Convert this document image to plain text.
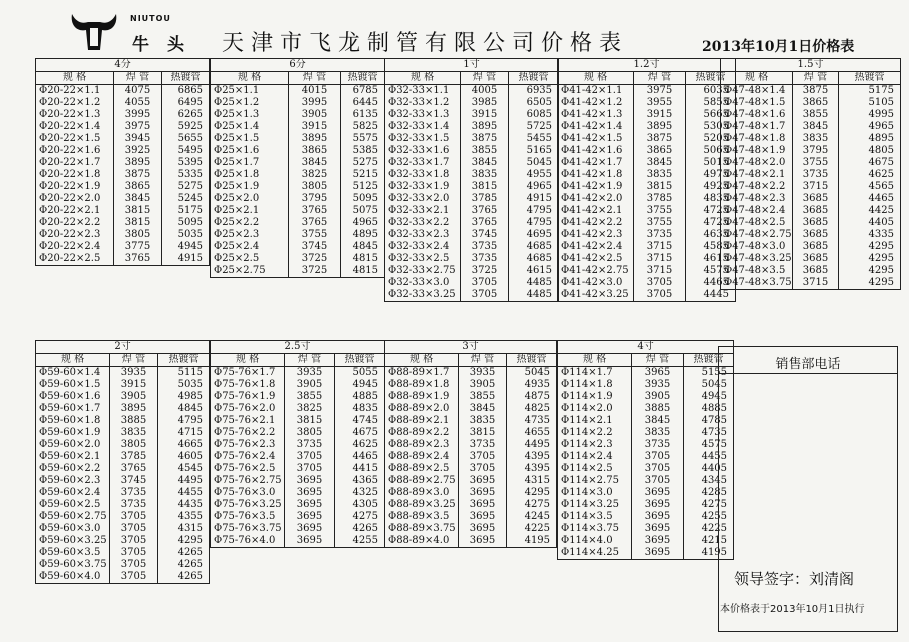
NIUTOU
牛头 天津市飞龙制管有限公司价格表	2013年10月1日价格表
4分		
规 格	焊 管	热镀管
Φ20-22×1.1	4075	6865
Φ20-22×1.2	4055	6495
Φ20-22×1.3	3995	6265
Φ20-22×1.4	3975	5925
Φ20-22×1.5	3945	5655
Φ20-22×1.6	3925	5495
Φ20-22×1.7	3895	5395
Φ20-22×1.8	3875	5335
Φ20-22×1.9	3865	5275
Φ20-22×2.0	3845	5245
Φ20-22×2.1	3815	5175
Φ20-22×2.2	3815	5095
Φ20-22×2.3	3805	5035
Φ20-22×2.4	3775	4945
Φ20-22×2.5	3765	4915
6分		
规 格	焊 管	热镀管
Φ25×1.1	4015	6785
Φ25×1.2	3995	6445
Φ25×1.3	3905	6135
Φ25×1.4	3915	5825
Φ25×1.5	3895	5575
Φ25×1.6	3865	5385
Φ25×1.7	3845	5275
Φ25×1.8	3825	5215
Φ25×1.9	3805	5125
Φ25×2.0	3795	5095
Φ25×2.1	3765	5075
Φ25×2.2	3765	4965
Φ25×2.3	3755	4895
Φ25×2.4	3745	4845
Φ25×2.5	3725	4815
Φ25×2.75	3725	4815
1寸		
规 格	焊 管	热镀管
Φ32-33×1.1	4005	6935
Φ32-33×1.2	3985	6505
Φ32-33×1.3	3915	6085
Φ32-33×1.4	3895	5725
Φ32-33×1.5	3875	5455
Φ32-33×1.6	3855	5165
Φ32-33×1.7	3845	5045
Φ32-33×1.8	3835	4955
Φ32-33×1.9	3815	4965
Φ32-33×2.0	3785	4915
Φ32-33×2.1	3765	4795
Φ32-33×2.2	3765	4795
Φ32-33×2.3	3745	4695
Φ32-33×2.4	3735	4685
Φ32-33×2.5	3735	4685
Φ32-33×2.75	3725	4615
Φ32-33×3.0	3705	4485
Φ32-33×3.25	3705	4485
1.2寸		
规 格	焊 管	热镀管
Φ41-42×1.1	3975	6035
Φ41-42×1.2	3955	5855
Φ41-42×1.3	3915	5665
Φ41-42×1.4	3895	5305
Φ41-42×1.5	3875	5205
Φ41-42×1.6	3865	5065
Φ41-42×1.7	3845	5015
Φ41-42×1.8	3835	4975
Φ41-42×1.9	3815	4925
Φ41-42×2.0	3785	4835
Φ41-42×2.1	3755	4725
Φ41-42×2.2	3755	4725
Φ41-42×2.3	3735	4635
Φ41-42×2.4	3715	4585
Φ41-42×2.5	3715	4615
Φ41-42×2.75	3715	4575
Φ41-42×3.0	3705	4465
Φ41-42×3.25	3705	4445
1.5寸		
规 格	焊 管	热镀管
Φ47-48×1.4	3875	5175
Φ47-48×1.5	3865	5105
Φ47-48×1.6	3855	4995
Φ47-48×1.7	3845	4965
Φ47-48×1.8	3835	4895
Φ47-48×1.9	3795	4805
Φ47-48×2.0	3755	4675
Φ47-48×2.1	3735	4625
Φ47-48×2.2	3715	4565
Φ47-48×2.3	3685	4465
Φ47-48×2.4	3685	4425
Φ47-48×2.5	3685	4405
Φ47-48×2.75	3685	4335
Φ47-48×3.0	3685	4295
Φ47-48×3.25	3685	4295
Φ47-48×3.5	3685	4295
Φ47-48×3.75	3715	4295
2寸		
规 格	焊 管	热镀管
Φ59-60×1.4	3935	5115
Φ59-60×1.5	3915	5035
Φ59-60×1.6	3905	4985
Φ59-60×1.7	3895	4845
Φ59-60×1.8	3885	4795
Φ59-60×1.9	3835	4715
Φ59-60×2.0	3805	4665
Φ59-60×2.1	3785	4605
Φ59-60×2.2	3765	4545
Φ59-60×2.3	3745	4495
Φ59-60×2.4	3735	4455
Φ59-60×2.5	3735	4435
Φ59-60×2.75	3705	4355
Φ59-60×3.0	3705	4315
Φ59-60×3.25	3705	4295
Φ59-60×3.5	3705	4265
Φ59-60×3.75	3705	4265
Φ59-60×4.0	3705	4265
2.5寸		
规 格	焊 管	热镀管
Φ75-76×1.7	3935	5055
Φ75-76×1.8	3905	4945
Φ75-76×1.9	3855	4885
Φ75-76×2.0	3825	4835
Φ75-76×2.1	3815	4745
Φ75-76×2.2	3805	4675
Φ75-76×2.3	3735	4625
Φ75-76×2.4	3705	4465
Φ75-76×2.5	3705	4415
Φ75-76×2.75	3695	4365
Φ75-76×3.0	3695	4325
Φ75-76×3.25	3695	4305
Φ75-76×3.5	3695	4275
Φ75-76×3.75	3695	4265
Φ75-76×4.0	3695	4255
3寸		
规 格	焊 管	热镀管
Φ88-89×1.7	3935	5045
Φ88-89×1.8	3905	4935
Φ88-89×1.9	3855	4875
Φ88-89×2.0	3845	4825
Φ88-89×2.1	3835	4735
Φ88-89×2.2	3815	4655
Φ88-89×2.3	3735	4495
Φ88-89×2.4	3705	4395
Φ88-89×2.5	3705	4395
Φ88-89×2.75	3695	4315
Φ88-89×3.0	3695	4295
Φ88-89×3.25	3695	4275
Φ88-89×3.5	3695	4245
Φ88-89×3.75	3695	4225
Φ88-89×4.0	3695	4195
4寸		
规 格	焊 管	热镀管
Φ114×1.7	3965	5155
Φ114×1.8	3935	5045
Φ114×1.9	3905	4945
Φ114×2.0	3885	4885
Φ114×2.1	3845	4785
Φ114×2.2	3835	4735
Φ114×2.3	3735	4575
Φ114×2.4	3705	4455
Φ114×2.5	3705	4405
Φ114×2.75	3705	4345
Φ114×3.0	3695	4285
Φ114×3.25	3695	4275
Φ114×3.5	3695	4255
Φ114×3.75	3695	4225
Φ114×4.0	3695	4215
Φ114×4.25	3695	4195
销售部电话
领导签字：刘清阁
本价格表于2013年10月1日执行
